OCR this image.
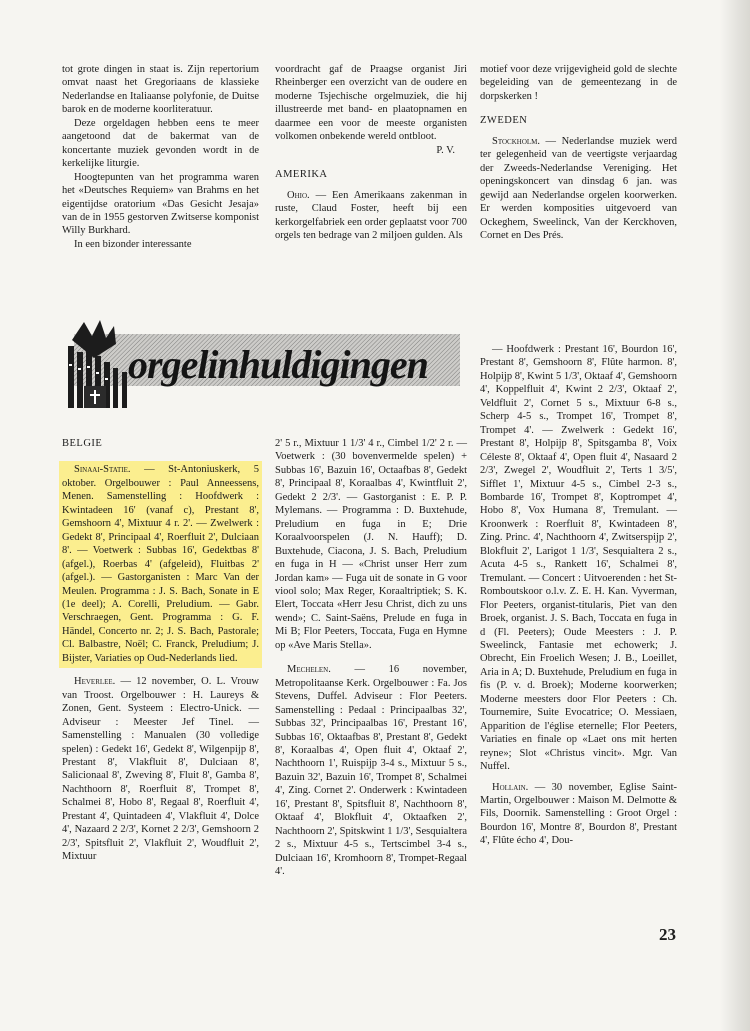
tot grote dingen in staat is. Zijn repertorium omvat naast het Gregoriaans de klassieke Nederlandse en Italiaanse polyfonie, de Duitse barok en de moderne koorliteratuur.

Deze orgeldagen hebben eens te meer aangetoond dat de bakermat van de koncertante muziek gevonden wordt in de kerkelijke liturgie.

Hoogtepunten van het programma waren het «Deutsches Requiem» van Brahms en het eigentijdse oratorium «Das Gesicht Jesaja» van de in 1955 gestorven Zwitserse komponist Willy Burkhard.

In een bizonder interessante

voordracht gaf de Praagse organist Jiri Rheinberger een overzicht van de oudere en moderne Tsjechische orgelmuziek, die hij illustreerde met band- en plaatopnamen en daarmee een voor de meeste organisten volkomen onbekende wereld ontbloot.

P. V.

AMERIKA

Ohio. — Een Amerikaans zakenman in ruste, Claud Foster, heeft bij een kerkorgelfabriek een order geplaatst voor 700 orgels ten bedrage van 2 miljoen gulden. Als

motief voor deze vrijgevigheid gold de slechte begeleiding van de gemeentezang in de dorpskerken !

ZWEDEN

Stockholm. — Nederlandse muziek werd ter gelegenheid van de veertigste verjaardag der Zweeds-Nederlandse Vereniging. Het openingskoncert van dinsdag 6 jan. was gewijd aan Nederlandse orgelen koorwerken. Er werden komposities uitgevoerd van Ockeghem, Sweelinck, Van der Kerckhoven, Cornet en Des Prés.

orgelinhuldigingen

BELGIE

Sinaai-Statie. — St-Antoniuskerk, 5 oktober. Orgelbouwer : Paul Anneessens, Menen. Samenstelling : Hoofdwerk : Kwintadeen 16' (vanaf c), Prestant 8', Gemshoorn 4', Mixtuur 4 r. 2'. — Zwelwerk : Gedekt 8', Principaal 4', Roerfluit 2', Dulciaan 8'. — Voetwerk : Subbas 16', Gedektbas 8' (afgel.), Roerbas 4' (afgeleid), Fluitbas 2' (afgel.). — Gastorganisten : Marc Van der Meulen. Programma : J. S. Bach, Sonate in E (1e deel); A. Corelli, Preludium. — Gabr. Verschraegen, Gent. Programma : G. F. Händel, Concerto nr. 2; J. S. Bach, Pastorale; Cl. Balbastre, Noël; C. Franck, Preludium; J. Bijster, Variaties op Oud-Nederlands lied.

Heverlee. — 12 november, O. L. Vrouw van Troost. Orgelbouwer : H. Laureys & Zonen, Gent. Systeem : Electro-Unick. — Adviseur : Meester Jef Tinel. — Samenstelling : Manualen (30 volledige spelen) : Gedekt 16', Gedekt 8', Wilgenpijp 8', Prestant 8', Vlakfluit 8', Dulciaan 8', Salicionaal 8', Zweving 8', Fluit 8', Gamba 8', Nachthoorn 8', Roerfluit 8', Trompet 8', Schalmei 8', Hobo 8', Regaal 8', Roerfluit 4', Prestant 4', Quintadeen 4', Vlakfluit 4', Dolce 4', Nazaard 2 2/3', Kornet 2 2/3', Gemshoorn 2 2/3', Spitsfluit 2', Vlakfluit 2', Woudfluit 2', Mixtuur

2' 5 r., Mixtuur 1 1/3' 4 r., Cimbel 1/2' 2 r. — Voetwerk : (30 bovenvermelde spelen) + Subbas 16', Bazuin 16', Octaafbas 8', Gedekt 8', Principaal 8', Koraalbas 4', Kwintfluit 2', Gedekt 2 2/3'. — Gastorganist : E. P. P. Mylemans. — Programma : D. Buxtehude, Preludium en fuga in E; Drie Koraalvoorspelen (J. N. Hauff); D. Buxtehude, Ciacona, J. S. Bach, Preludium en fuga in H — «Christ unser Herr zum Jordan kam» — Fuga uit de sonate in G voor viool solo; Max Reger, Koraaltriptiek; S. K. Elert, Toccata «Herr Jesu Christ, dich zu uns wend»; C. Saint-Saëns, Prelude en fuga in Mi B; Flor Peeters, Toccata, Fuga en Hymne op «Ave Maris Stella».

Mechelen. — 16 november, Metropolitaanse Kerk. Orgelbouwer : Fa. Jos Stevens, Duffel. Adviseur : Flor Peeters. Samenstelling : Pedaal : Principaalbas 32', Subbas 32', Principaalbas 16', Prestant 16', Subbas 16', Oktaafbas 8', Prestant 8', Gedekt 8', Koraalbas 4', Open fluit 4', Oktaaf 2', Nachthoorn 1', Ruispijp 3-4 s., Mixtuur 5 s., Bazuin 32', Bazuin 16', Trompet 8', Schalmei 4', Zing. Cornet 2'. Onderwerk : Kwintadeen 16', Prestant 8', Spitsfluit 8', Nachthoorn 8', Oktaaf 4', Blokfluit 4', Oktaafken 2', Nachthoorn 2', Spitskwint 1 1/3', Sesquialtera 2 s., Mixtuur 4-5 s., Tertscimbel 3-4 s., Dulciaan 16', Kromhoorn 8', Trompet-Regaal 4'.

— Hoofdwerk : Prestant 16', Bourdon 16', Prestant 8', Gemshoorn 8', Flûte harmon. 8', Holpijp 8', Kwint 5 1/3', Oktaaf 4', Gemshoorn 4', Koppelfluit 4', Kwint 2 2/3', Oktaaf 2', Veldfluit 2', Cornet 5 s., Mixtuur 6-8 s., Scherp 4-5 s., Trompet 16', Trompet 8', Trompet 4'. — Zwelwerk : Gedekt 16', Prestant 8', Holpijp 8', Spitsgamba 8', Voix Céleste 8', Oktaaf 4', Open fluit 4', Nasaard 2 2/3', Zwegel 2', Woudfluit 2', Terts 1 3/5', Sifflet 1', Mixtuur 4-5 s., Cimbel 2-3 s., Bombarde 16', Trompet 8', Koptrompet 4', Hobo 8', Vox Humana 8', Tremulant. — Kroonwerk : Roerfluit 8', Kwintadeen 8', Zing. Princ. 4', Nachthoorn 4', Zwitserspijp 2', Blokfluit 2', Larigot 1 1/3', Sesquialtera 2 s., Acuta 4-5 s., Rankett 16', Schalmei 8', Tremulant. — Concert : Uitvoerenden : het St-Romboutskoor o.l.v. Z. E. H. Kan. Vyverman, Flor Peeters, organist-titularis, Piet van den Broek, organist. J. S. Bach, Toccata en fuga in d (Fl. Peeters); Oude Meesters : J. P. Sweelinck, Fantasie met echowerk; J. Obrecht, Ein Froelich Wesen; J. B., Loeillet, Aria in A; D. Buxtehude, Preludium en fuga in fis (P. v. d. Broek); Moderne koorwerken; Moderne meesters door Flor Peeters : Ch. Tournemire, Suite Evocatrice; O. Messiaen, Apparition de l'église eternelle; Flor Peeters, Variaties en finale op «Laet ons mit herten reyne»; Slot «Christus vincit». Mgr. Van Nuffel.

Hollain. — 30 november, Eglise Saint-Martin, Orgelbouwer : Maison M. Delmotte & Fils, Doornik. Samenstelling : Groot Orgel : Bourdon 16', Montre 8', Bourdon 8', Prestant 4', Flûte écho 4', Dou-

23
